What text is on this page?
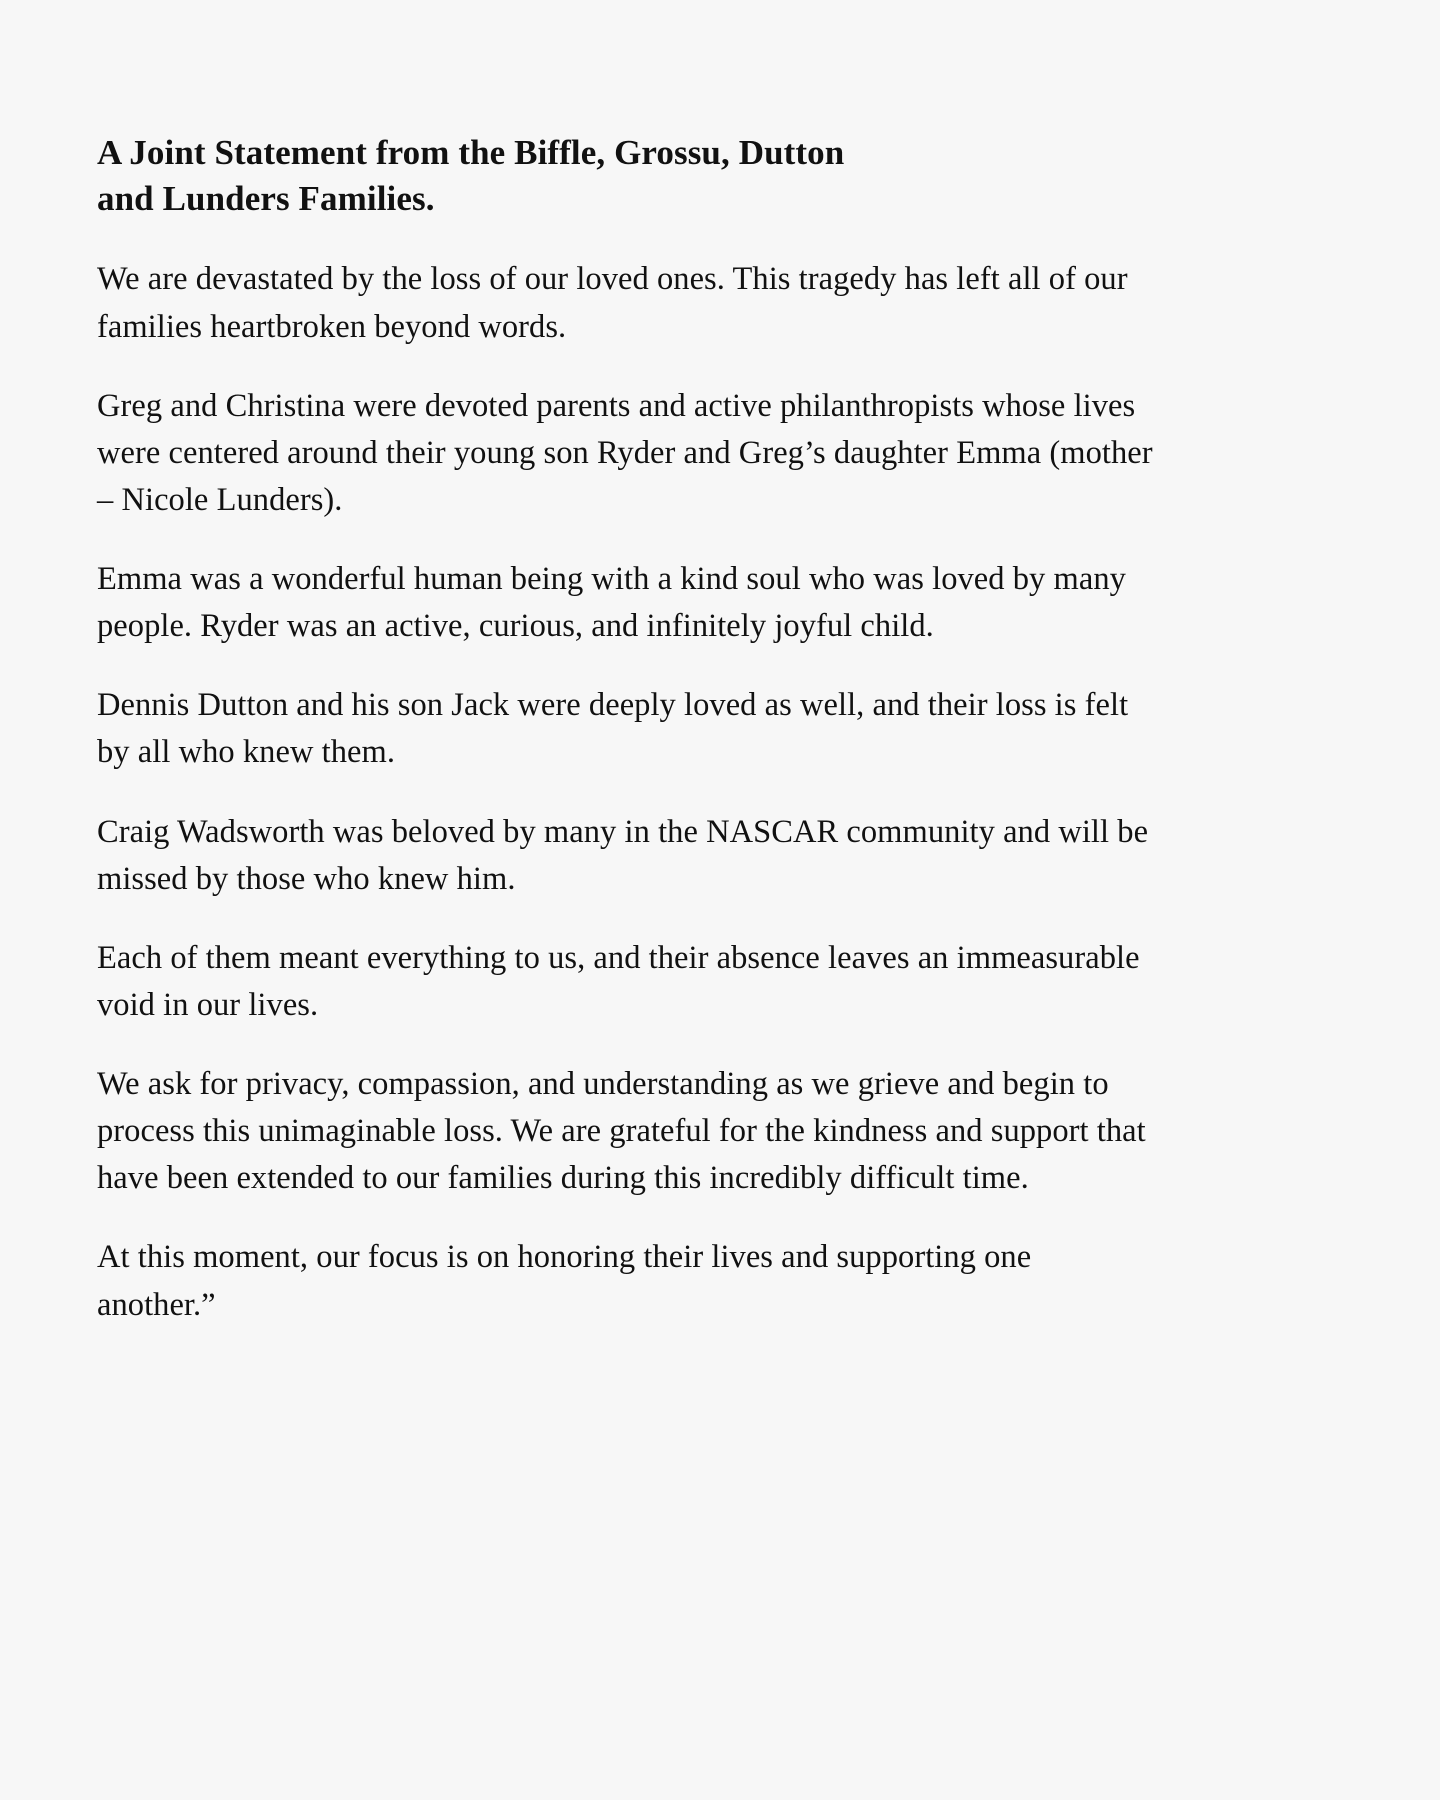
A Joint Statement from the Biffle, Grossu, Dutton
and Lunders Families.

We are devastated by the loss of our loved ones. This tragedy has left all of our families heartbroken beyond words.

Greg and Christina were devoted parents and active philanthropists whose lives were centered around their young son Ryder and Greg’s daughter Emma (mother – Nicole Lunders).

Emma was a wonderful human being with a kind soul who was loved by many people. Ryder was an active, curious, and infinitely joyful child.

Dennis Dutton and his son Jack were deeply loved as well, and their loss is felt by all who knew them.

Craig Wadsworth was beloved by many in the NASCAR community and will be missed by those who knew him.

Each of them meant everything to us, and their absence leaves an immeasurable void in our lives.

We ask for privacy, compassion, and understanding as we grieve and begin to process this unimaginable loss. We are grateful for the kindness and support that have been extended to our families during this incredibly difficult time.

At this moment, our focus is on honoring their lives and supporting one another.”
